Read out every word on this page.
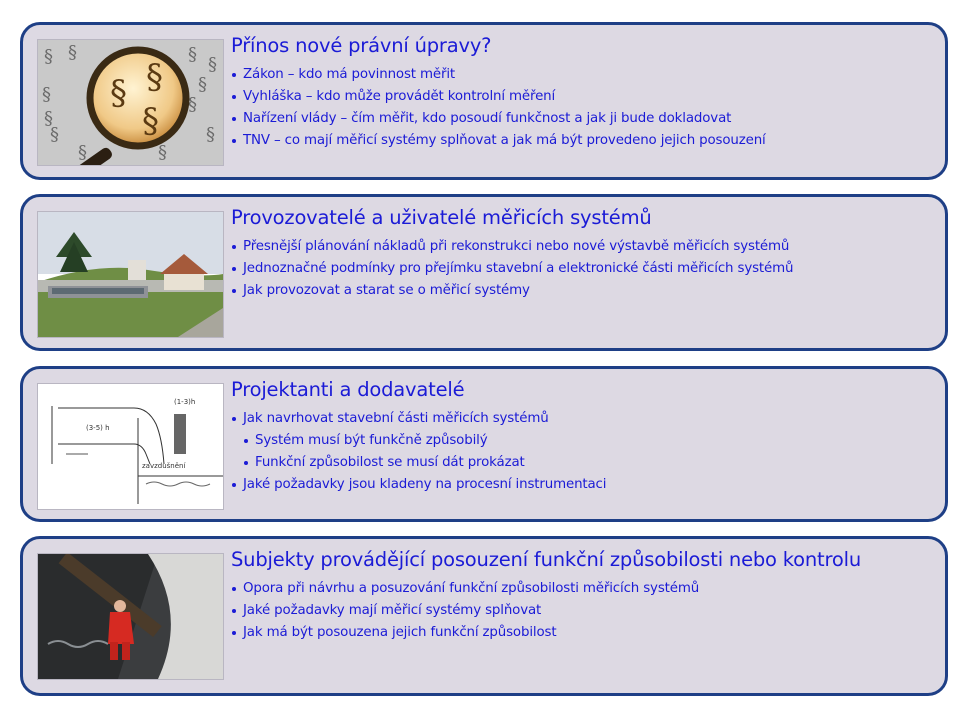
§ §	§ §
§
§
§
§
§
§
§
§
§
§
§
Přínos nové právní úpravy?
Zákon – kdo má povinnost měřit
Vyhláška – kdo může provádět kontrolní měření
Nařízení vlády – čím měřit, kdo posoudí funkčnost a jak ji bude dokladovat
TNV – co mají měřicí systémy splňovat a jak má být provedeno jejich posouzení
Provozovatelé a uživatelé měřicích systémů
Přesnější plánování nákladů při rekonstrukci nebo nové výstavbě měřicích systémů
Jednoznačné podmínky pro přejímku stavební a elektronické části měřicích systémů
Jak provozovat a starat se o měřicí systémy
(1-3)h
(3-5) h
zavzdušnění
Projektanti a dodavatelé
Jak navrhovat stavební části měřicích systémů
Systém musí být funkčně způsobilý
Funkční způsobilost se musí dát prokázat
Jaké požadavky jsou kladeny na procesní instrumentaci
Subjekty provádějící posouzení funkční způsobilosti nebo kontrolu
Opora při návrhu a posuzování funkční způsobilosti měřicích systémů
Jaké požadavky mají měřicí systémy splňovat
Jak má být posouzena jejich funkční způsobilost
